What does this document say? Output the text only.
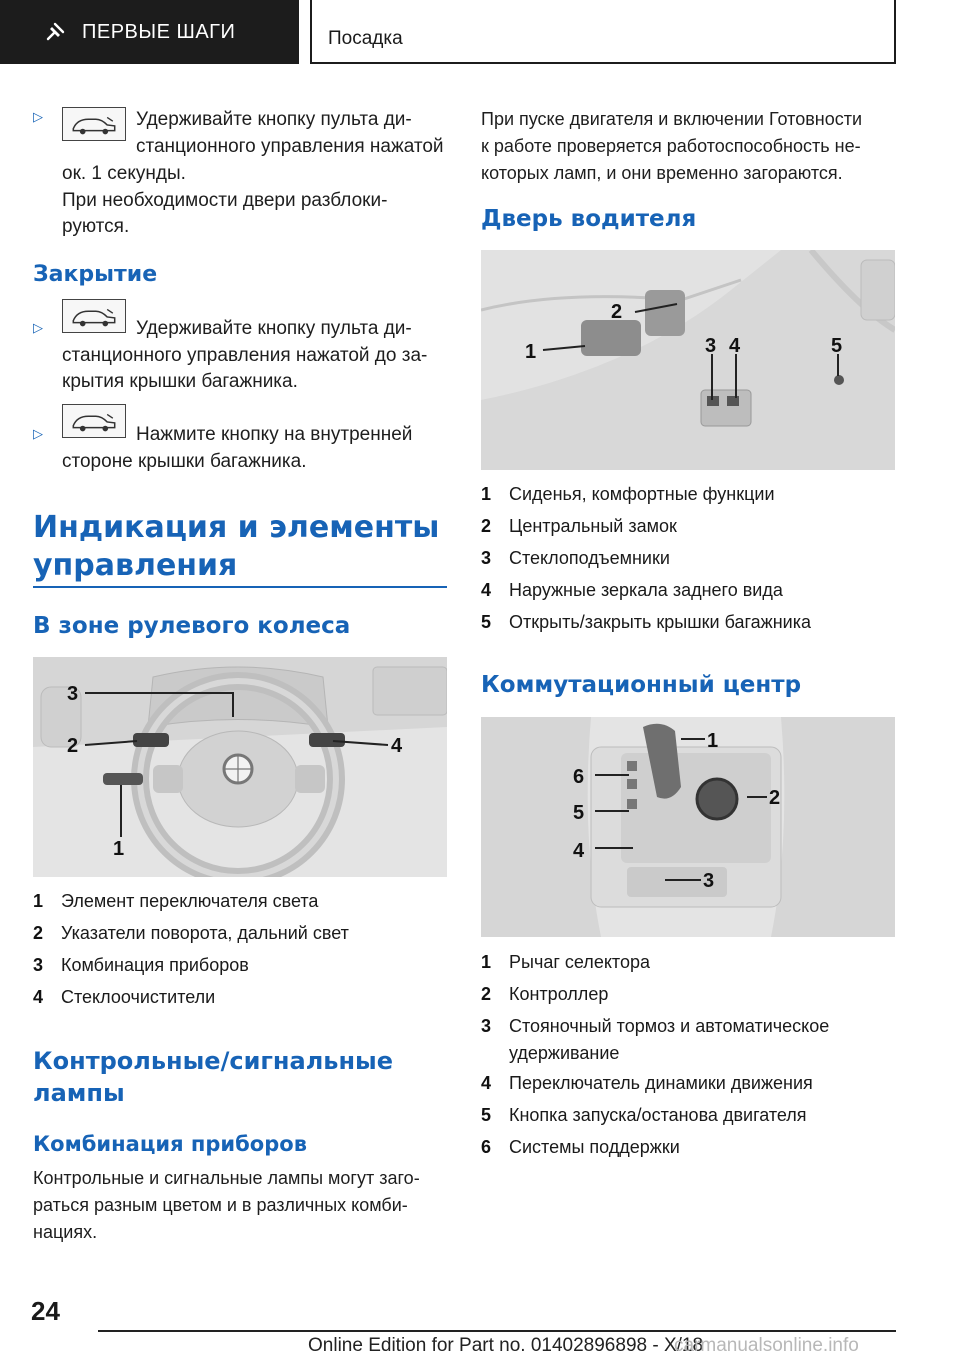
ПЕРВЫЕ ШАГИ	Посадка
▷	Удерживайте кнопку пульта ди-
станционного управления нажатой
ок. 1 секунды.
При необходимости двери разблоки-
руются.
Закрытие
▷	Удерживайте кнопку пульта ди-
станционного управления нажатой до за-
крытия крышки багажника.
▷	Нажмите кнопку на внутренней
стороне крышки багажника.
Индикация и элементы
управления
В зоне рулевого колеса
3
2	4
1
1 Элемент переключателя света
2 Указатели поворота, дальний свет
3 Комбинация приборов
4 Стеклоочистители
Контрольные/сигнальные
лампы
Комбинация приборов
Контрольные и сигнальные лампы могут заго-
раться разным цветом и в различных комби-
нациях.
При пуске двигателя и включении Готовности
к работе проверяется работоспособность не-
которых ламп, и они временно загораются.
Дверь водителя
1
2
3 4	5
1 Сиденья, комфортные функции
2 Центральный замок
3 Стеклоподъемники
4 Наружные зеркала заднего вида
5 Открыть/закрыть крышки багажника
Коммутационный центр
1
2
3
4
5
6
1 Рычаг селектора
2 Контроллер
3 Стояночный тормоз и автоматическое
удерживание
4 Переключатель динамики движения
5 Кнопка запуска/останова двигателя
6 Системы поддержки
24
Online Edition for Part no. 01402896898 - X/18
carmanualsonline.info
